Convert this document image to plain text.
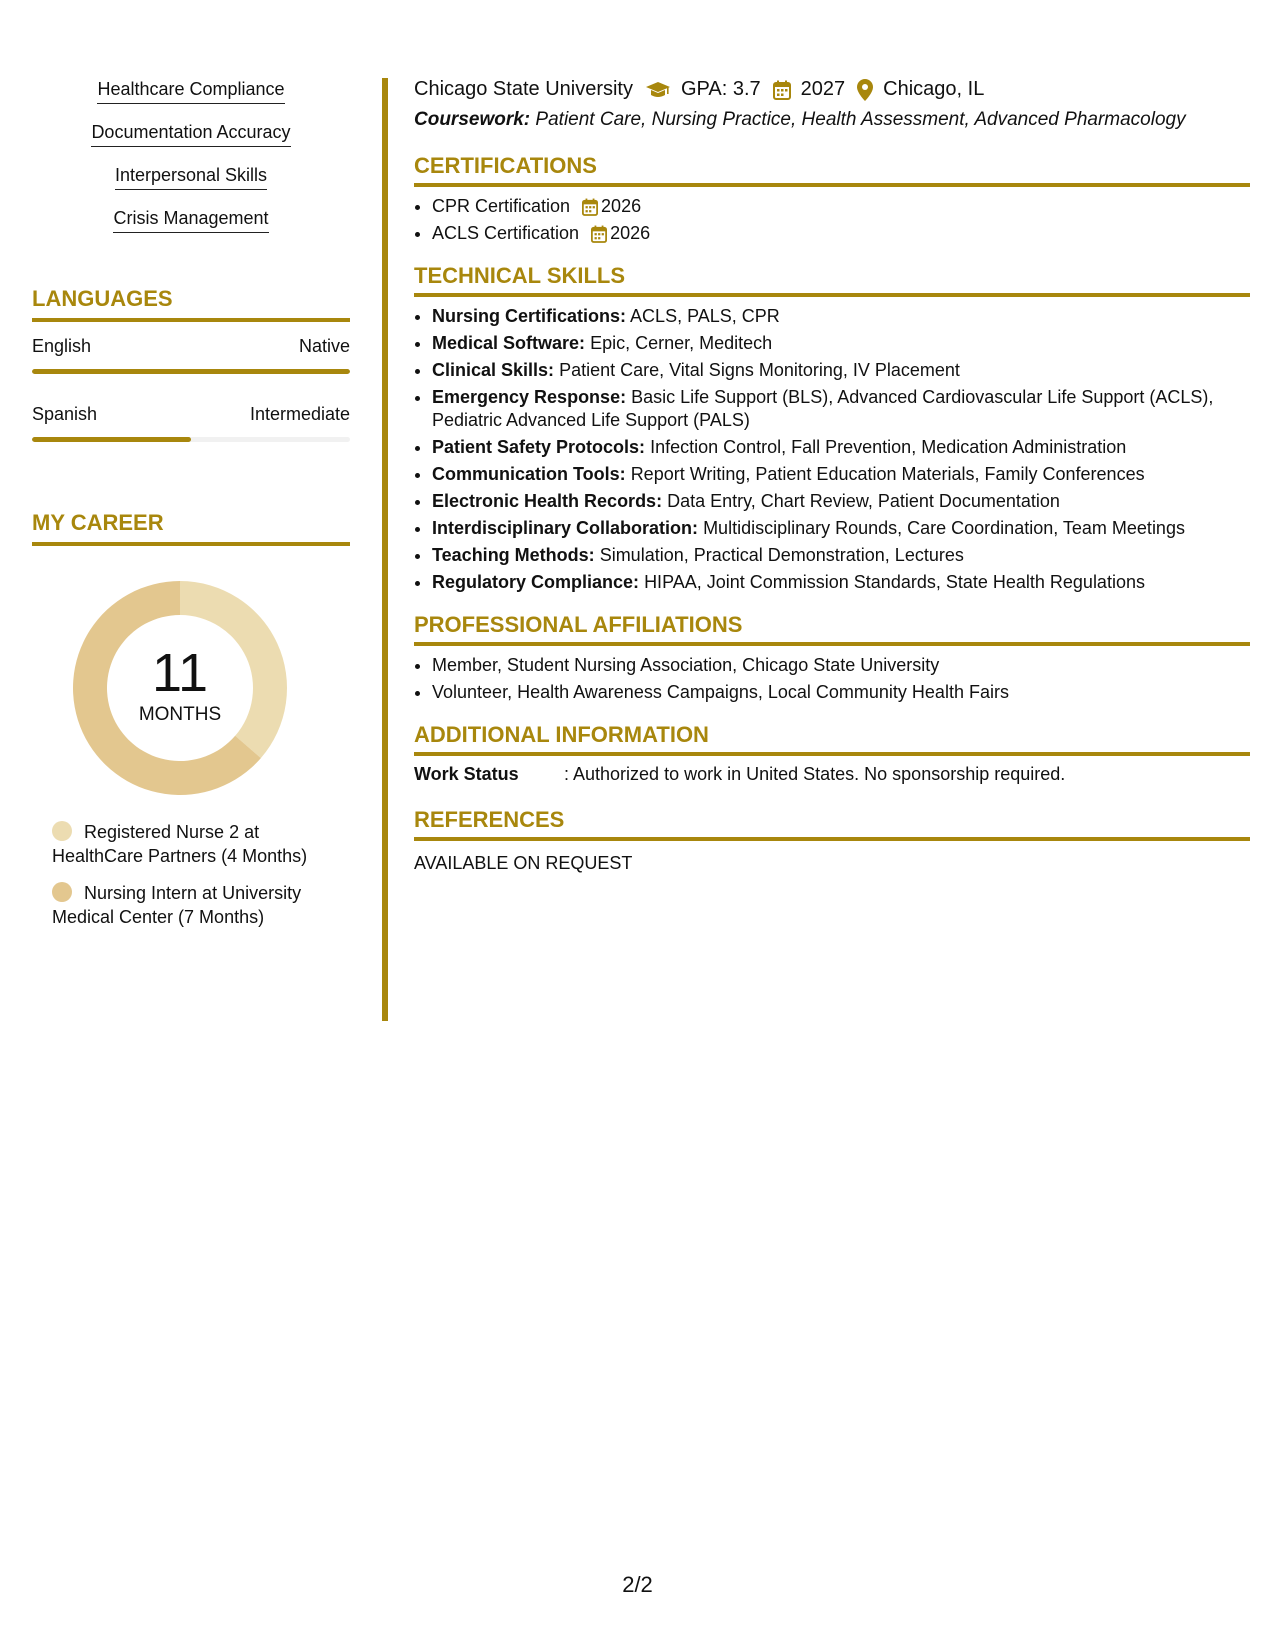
Healthcare Compliance
Documentation Accuracy
Interpersonal Skills
Crisis Management
LANGUAGES
English	Native
Spanish	Intermediate
MY CAREER
11
MONTHS
Registered Nurse 2 at HealthCare Partners (4 Months)
Nursing Intern at University Medical Center (7 Months)
Chicago State University GPA: 3.7 2027 Chicago, IL
Coursework: Patient Care, Nursing Practice, Health Assessment, Advanced Pharmacology
CERTIFICATIONS
• CPR Certification 2026
• ACLS Certification 2026
TECHNICAL SKILLS
• Nursing Certifications: ACLS, PALS, CPR
• Medical Software: Epic, Cerner, Meditech
• Clinical Skills: Patient Care, Vital Signs Monitoring, IV Placement
• Emergency Response: Basic Life Support (BLS), Advanced Cardiovascular Life Support (ACLS), Pediatric Advanced Life Support (PALS)
• Patient Safety Protocols: Infection Control, Fall Prevention, Medication Administration
• Communication Tools: Report Writing, Patient Education Materials, Family Conferences
• Electronic Health Records: Data Entry, Chart Review, Patient Documentation
• Interdisciplinary Collaboration: Multidisciplinary Rounds, Care Coordination, Team Meetings
• Teaching Methods: Simulation, Practical Demonstration, Lectures
• Regulatory Compliance: HIPAA, Joint Commission Standards, State Health Regulations
PROFESSIONAL AFFILIATIONS
• Member, Student Nursing Association, Chicago State University
• Volunteer, Health Awareness Campaigns, Local Community Health Fairs
ADDITIONAL INFORMATION
Work Status	: Authorized to work in United States. No sponsorship required.
REFERENCES
AVAILABLE ON REQUEST
2/2
